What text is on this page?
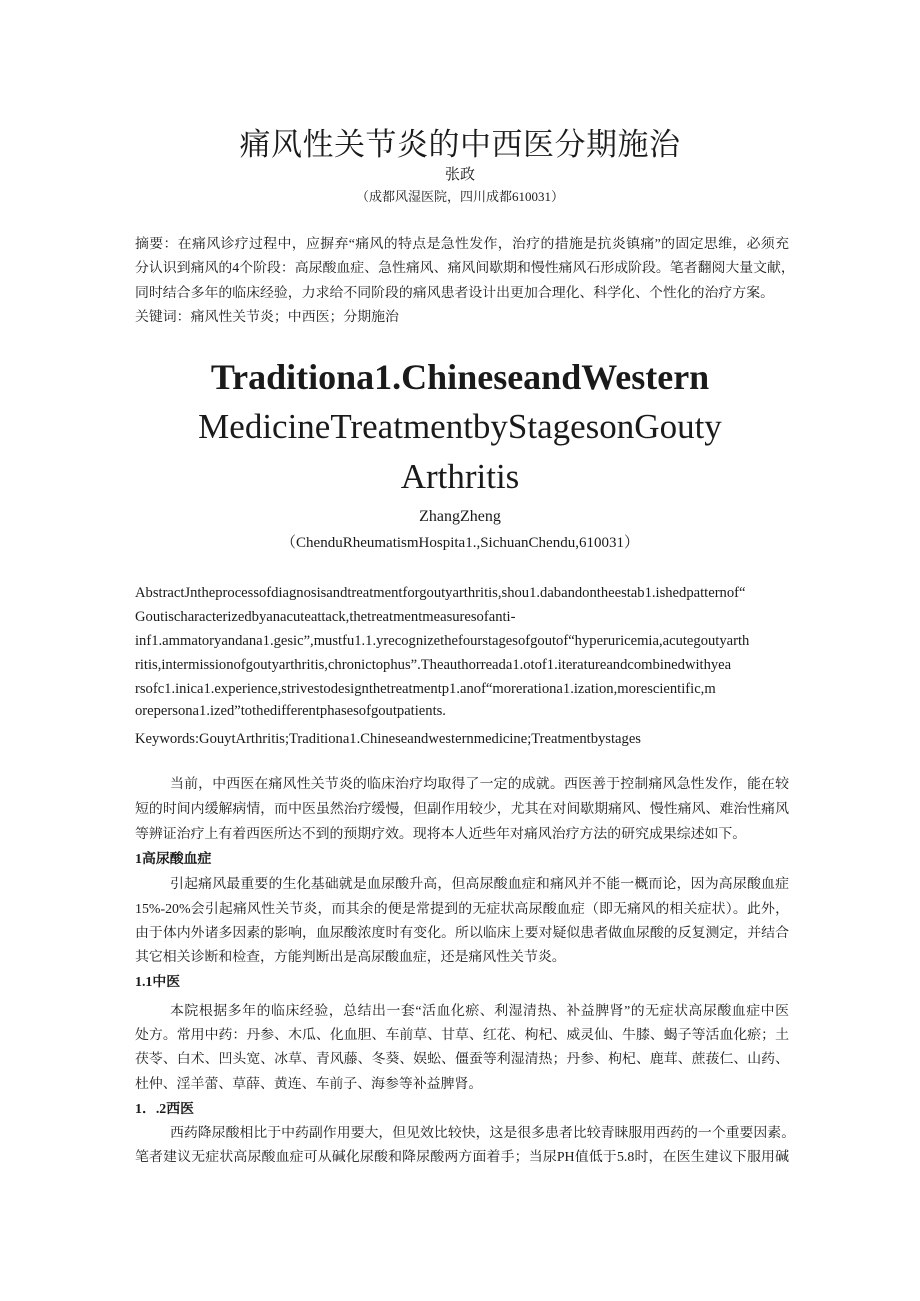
痛风性关节炎的中西医分期施治
张政
（成都风湿医院，四川成都610031）
摘要：在痛风诊疗过程中，应摒弃“痛风的特点是急性发作，治疗的措施是抗炎镇痛”的固定思维，必须充
分认识到痛风的4个阶段：高尿酸血症、急性痛风、痛风间歇期和慢性痛风石形成阶段。笔者翻阅大量文献，
同时结合多年的临床经验，力求给不同阶段的痛风患者设计出更加合理化、科学化、个性化的治疗方案。
关键词：痛风性关节炎；中西医；分期施治
Traditiona1.ChineseandWestern
MedicineTreatmentbyStagesonGouty
Arthritis
ZhangZheng
（ChenduRheumatismHospita1.,SichuanChendu,610031）
AbstractJntheprocessofdiagnosisandtreatmentforgoutyarthritis,shou1.dabandontheestab1.ishedpatternof“
Goutischaracterizedbyanacuteattack,thetreatmentmeasuresofanti-
inf1.ammatoryandana1.gesic”,mustfu1.1.yrecognizethefourstagesofgoutof“hyperuricemia,acutegoutyarth
ritis,intermissionofgoutyarthritis,chronictophus”.Theauthorreada1.otof1.iteratureandcombinedwithyea
rsofc1.inica1.experience,strivestodesignthetreatmentp1.anof“morerationa1.ization,morescientific,m
orepersona1.ized”tothedifferentphasesofgoutpatients.
Keywords:GouytArthritis;Traditiona1.Chineseandwesternmedicine;Treatmentbystages
当前，中西医在痛风性关节炎的临床治疗均取得了一定的成就。西医善于控制痛风急性发作，能在较
短的时间内缓解病情，而中医虽然治疗缓慢，但副作用较少，尤其在对间歇期痛风、慢性痛风、难治性痛风
等辨证治疗上有着西医所达不到的预期疗效。现将本人近些年对痛风治疗方法的研究成果综述如下。
1高尿酸血症
引起痛风最重要的生化基础就是血尿酸升高，但高尿酸血症和痛风并不能一概而论，因为高尿酸血症
15%-20%会引起痛风性关节炎，而其余的便是常提到的无症状高尿酸血症（即无痛风的相关症状）。此外，
由于体内外诸多因素的影响，血尿酸浓度时有变化。所以临床上要对疑似患者做血尿酸的反复测定，并结合
其它相关诊断和检查，方能判断出是高尿酸血症，还是痛风性关节炎。
1.1中医
本院根据多年的临床经验，总结出一套“活血化瘀、利湿清热、补益脾肾”的无症状高尿酸血症中医
处方。常用中药：丹参、木瓜、化血胆、车前草、甘草、红花、枸杞、威灵仙、牛膝、蝎子等活血化瘀；土
茯苓、白术、凹头宽、冰草、青风藤、冬葵、娱蚣、僵蚕等利湿清热；丹参、枸杞、鹿茸、蔗菝仁、山药、
杜仲、淫羊蕾、草薛、黄连、车前子、海参等补益脾肾。
1．.2西医
西药降尿酸相比于中药副作用要大，但见效比较快，这是很多患者比较青睐服用西药的一个重要因素。
笔者建议无症状高尿酸血症可从碱化尿酸和降尿酸两方面着手；当尿PH值低于5.8时，在医生建议下服用碱
